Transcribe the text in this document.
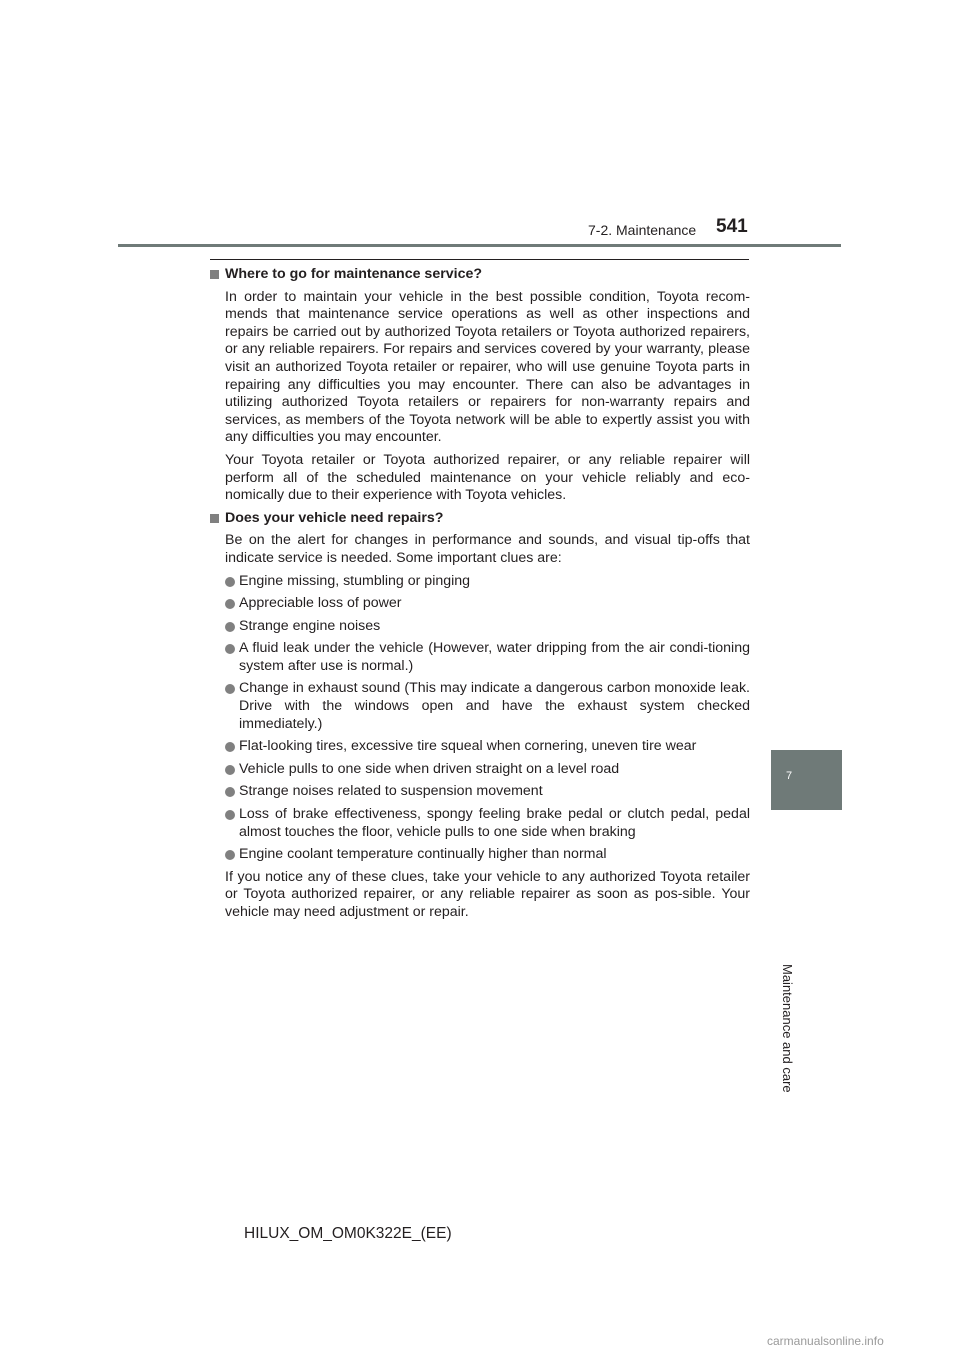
7-2. Maintenance 541
7
Maintenance and care
Where to go for maintenance service?

In order to maintain your vehicle in the best possible condition, Toyota recom-mends that maintenance service operations as well as other inspections and repairs be carried out by authorized Toyota retailers or Toyota authorized repairers, or any reliable repairers. For repairs and services covered by your warranty, please visit an authorized Toyota retailer or repairer, who will use genuine Toyota parts in repairing any difficulties you may encounter. There can also be advantages in utilizing authorized Toyota retailers or repairers for non-warranty repairs and services, as members of the Toyota network will be able to expertly assist you with any difficulties you may encounter.

Your Toyota retailer or Toyota authorized repairer, or any reliable repairer will perform all of the scheduled maintenance on your vehicle reliably and eco-nomically due to their experience with Toyota vehicles.

Does your vehicle need repairs?

Be on the alert for changes in performance and sounds, and visual tip-offs that indicate service is needed. Some important clues are:

Engine missing, stumbling or pinging
Appreciable loss of power
Strange engine noises
A fluid leak under the vehicle (However, water dripping from the air condi-tioning system after use is normal.)
Change in exhaust sound (This may indicate a dangerous carbon monoxide leak. Drive with the windows open and have the exhaust system checked immediately.)
Flat-looking tires, excessive tire squeal when cornering, uneven tire wear
Vehicle pulls to one side when driven straight on a level road
Strange noises related to suspension movement
Loss of brake effectiveness, spongy feeling brake pedal or clutch pedal, pedal almost touches the floor, vehicle pulls to one side when braking
Engine coolant temperature continually higher than normal

If you notice any of these clues, take your vehicle to any authorized Toyota retailer or Toyota authorized repairer, or any reliable repairer as soon as pos-sible. Your vehicle may need adjustment or repair.

HILUX_OM_OM0K322E_(EE)
carmanualsonline.info
